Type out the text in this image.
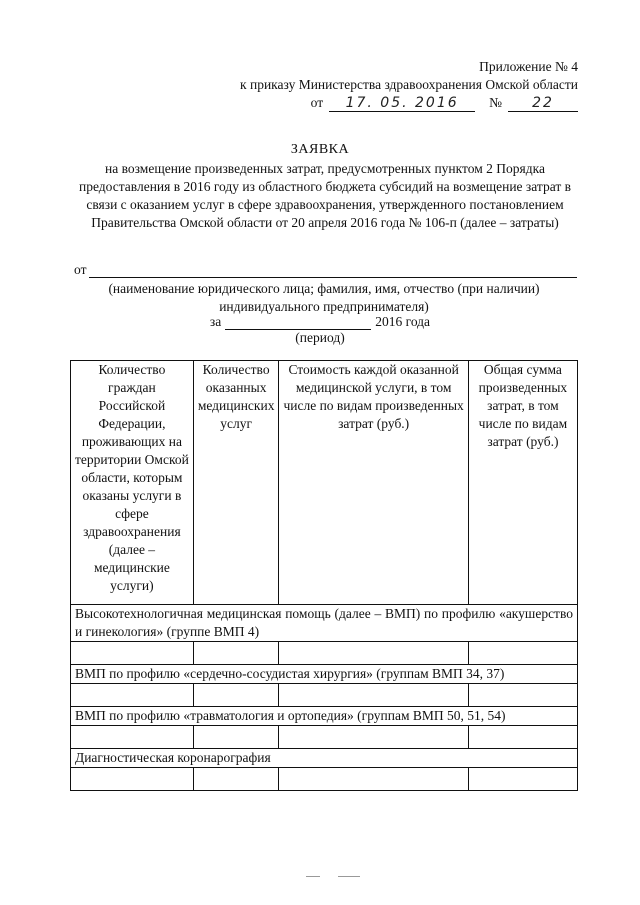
Приложение № 4
к приказу Министерства здравоохранения Омской области
от	17. 05. 2016	№	22
ЗАЯВКА
на возмещение произведенных затрат, предусмотренных пунктом 2 Порядка предоставления в 2016 году из областного бюджета субсидий на возмещение затрат в связи с оказанием услуг в сфере здравоохранения, утвержденного постановлением Правительства Омской области от 20 апреля 2016 года № 106-п (далее – затраты)
от
(наименование юридического лица; фамилия, имя, отчество (при наличии) индивидуального предпринимателя)
за	2016 года
(период)
Количество граждан Российской Федерации, проживающих на территории Омской области, которым оказаны услуги в сфере здравоохранения (далее – медицинские услуги)	Количество оказанных медицинских услуг	Стоимость каждой оказанной медицинской услуги, в том числе по видам произведенных затрат (руб.)	Общая сумма произведенных затрат, в том числе по видам затрат (руб.)
Высокотехнологичная медицинская помощь (далее – ВМП) по профилю «акушерство и гинекология» (группе ВМП 4)			

ВМП по профилю «сердечно-сосудистая хирургия» (группам ВМП 34, 37)			

ВМП по профилю «травматология и ортопедия» (группам ВМП 50, 51, 54)			

Диагностическая коронарография			
